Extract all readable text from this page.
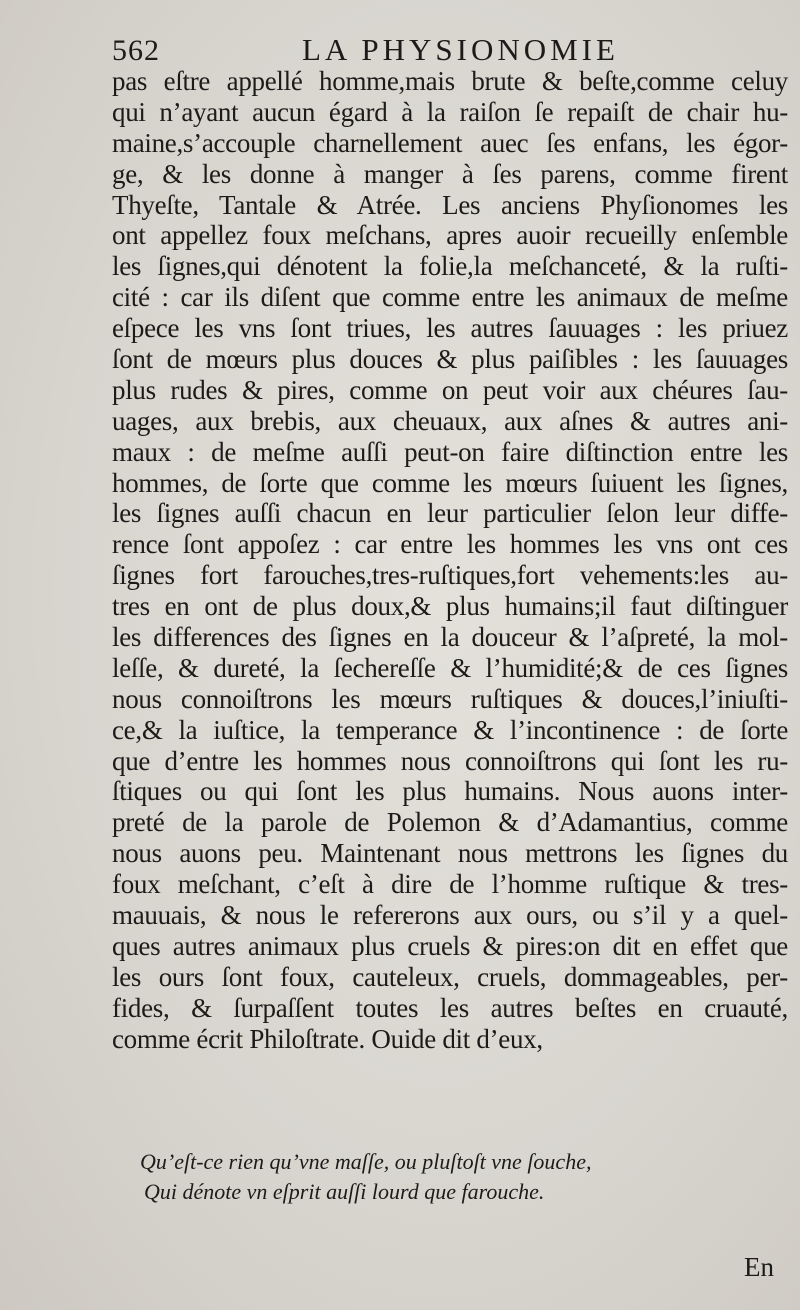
562	LA PHYSIONOMIE
pas eſtre appellé homme,mais brute & beſte,comme celuy
qui n’ayant aucun égard à la raiſon ſe repaiſt de chair hu-
maine,s’accouple charnellement auec ſes enfans, les égor-
ge, & les donne à manger à ſes parens, comme firent
Thyeſte, Tantale & Atrée. Les anciens Phyſionomes les
ont appellez foux meſchans, apres auoir recueilly enſemble
les ſignes,qui dénotent la folie,la meſchanceté, & la ruſti-
cité : car ils diſent que comme entre les animaux de meſme
eſpece les vns ſont triues, les autres ſauuages : les priuez
ſont de mœurs plus douces & plus paiſibles : les ſauuages
plus rudes & pires, comme on peut voir aux chéures ſau-
uages, aux brebis, aux cheuaux, aux aſnes & autres ani-
maux : de meſme auſſi peut-on faire diſtinction entre les
hommes, de ſorte que comme les mœurs ſuiuent les ſignes,
les ſignes auſſi chacun en leur particulier ſelon leur diffe-
rence ſont appoſez : car entre les hommes les vns ont ces
ſignes fort farouches,tres-ruſtiques,fort vehements:les au-
tres en ont de plus doux,& plus humains;il faut diſtinguer
les differences des ſignes en la douceur & l’aſpreté, la mol-
leſſe, & dureté, la ſechereſſe & l’humidité;& de ces ſignes
nous connoiſtrons les mœurs ruſtiques & douces,l’iniuſti-
ce,& la iuſtice, la temperance & l’incontinence : de ſorte
que d’entre les hommes nous connoiſtrons qui ſont les ru-
ſtiques ou qui ſont les plus humains. Nous auons inter-
preté de la parole de Polemon & d’Adamantius, comme
nous auons peu. Maintenant nous mettrons les ſignes du
foux meſchant, c’eſt à dire de l’homme ruſtique & tres-
mauuais, & nous le refererons aux ours, ou s’il y a quel-
ques autres animaux plus cruels & pires:on dit en effet que
les ours ſont foux, cauteleux, cruels, dommageables, per-
fides, & ſurpaſſent toutes les autres beſtes en cruauté,
comme écrit Philoſtrate. Ouide dit d’eux,
Qu’eſt-ce rien qu’vne maſſe, ou pluſtoſt vne ſouche,
Qui dénote vn eſprit auſſi lourd que farouche.
En
